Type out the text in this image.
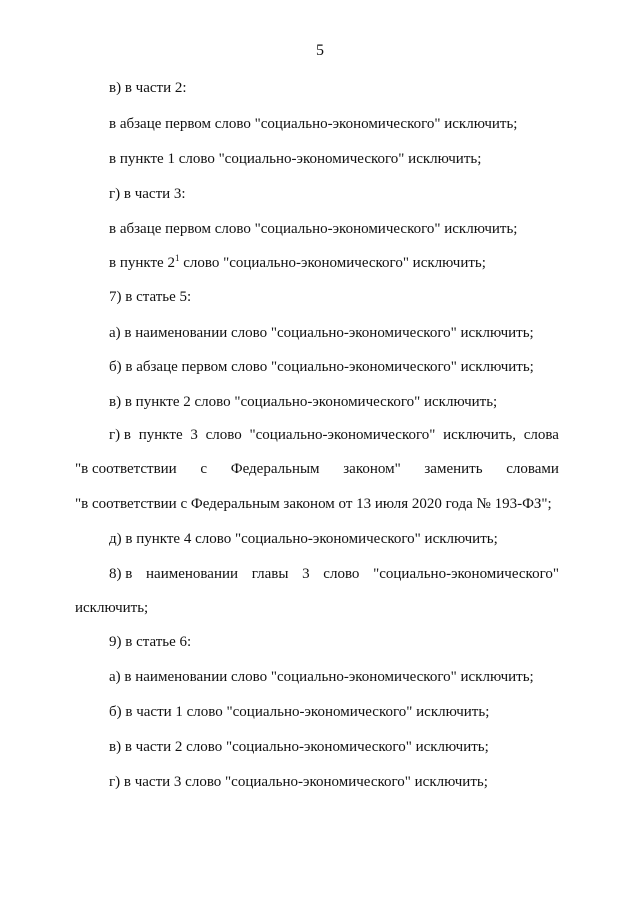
5
в) в части 2:
в абзаце первом слово "социально-экономического" исключить;
в пункте 1 слово "социально-экономического" исключить;
г) в части 3:
в абзаце первом слово "социально-экономического" исключить;
в пункте $2^1$ слово "социально-экономического" исключить;
7) в статье 5:
а) в наименовании слово "социально-экономического" исключить;
б) в абзаце первом слово "социально-экономического" исключить;
в) в пункте 2 слово "социально-экономического" исключить;
г) в пункте 3 слово "социально-экономического" исключить, слова
"в соответствии с Федеральным законом" заменить словами
"в соответствии с Федеральным законом от 13 июля 2020 года № 193-ФЗ";
д) в пункте 4 слово "социально-экономического" исключить;
8) в наименовании главы 3 слово "социально-экономического"
исключить;
9) в статье 6:
а) в наименовании слово "социально-экономического" исключить;
б) в части 1 слово "социально-экономического" исключить;
в) в части 2 слово "социально-экономического" исключить;
г) в части 3 слово "социально-экономического" исключить;
